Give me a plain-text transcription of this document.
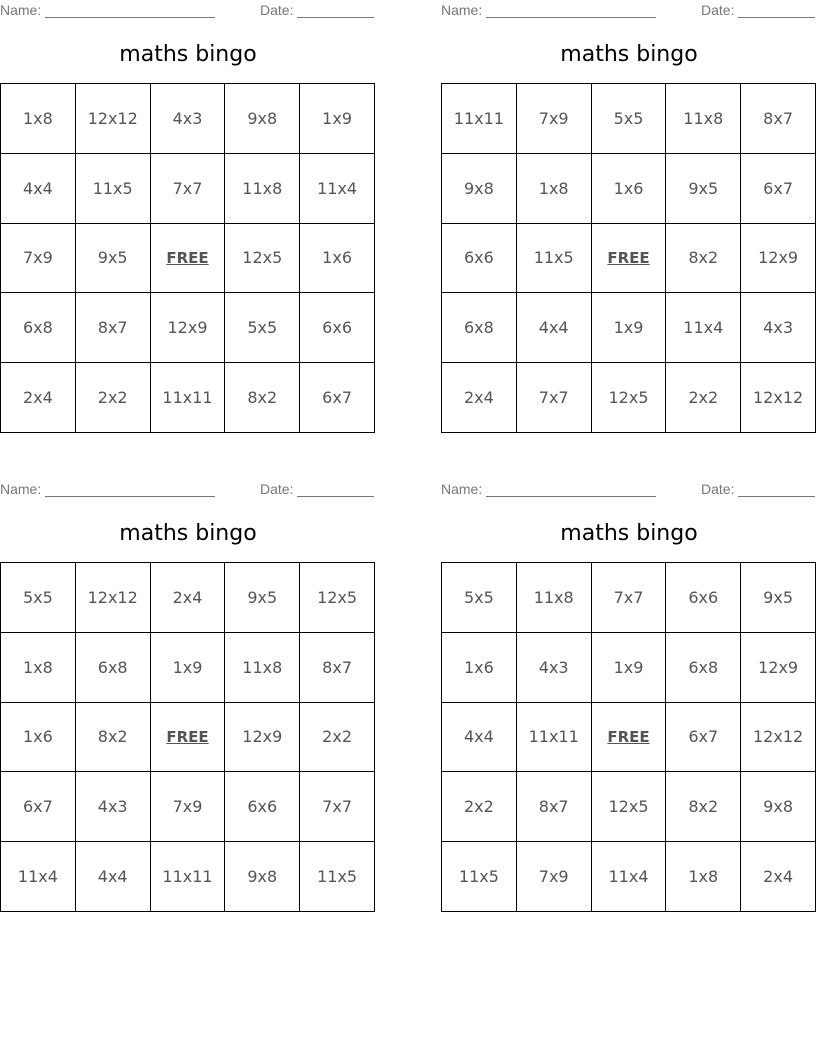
Name:	Date:
maths bingo
1x8	12x12	4x3	9x8	1x9
4x4	11x5	7x7	11x8	11x4
7x9	9x5	FREE	12x5	1x6
6x8	8x7	12x9	5x5	6x6
2x4	2x2	11x11	8x2	6x7
Name:	Date:
maths bingo
11x11	7x9	5x5	11x8	8x7
9x8	1x8	1x6	9x5	6x7
6x6	11x5	FREE	8x2	12x9
6x8	4x4	1x9	11x4	4x3
2x4	7x7	12x5	2x2	12x12
Name:	Date:
maths bingo
5x5	12x12	2x4	9x5	12x5
1x8	6x8	1x9	11x8	8x7
1x6	8x2	FREE	12x9	2x2
6x7	4x3	7x9	6x6	7x7
11x4	4x4	11x11	9x8	11x5
Name:	Date:
maths bingo
5x5	11x8	7x7	6x6	9x5
1x6	4x3	1x9	6x8	12x9
4x4	11x11	FREE	6x7	12x12
2x2	8x7	12x5	8x2	9x8
11x5	7x9	11x4	1x8	2x4
